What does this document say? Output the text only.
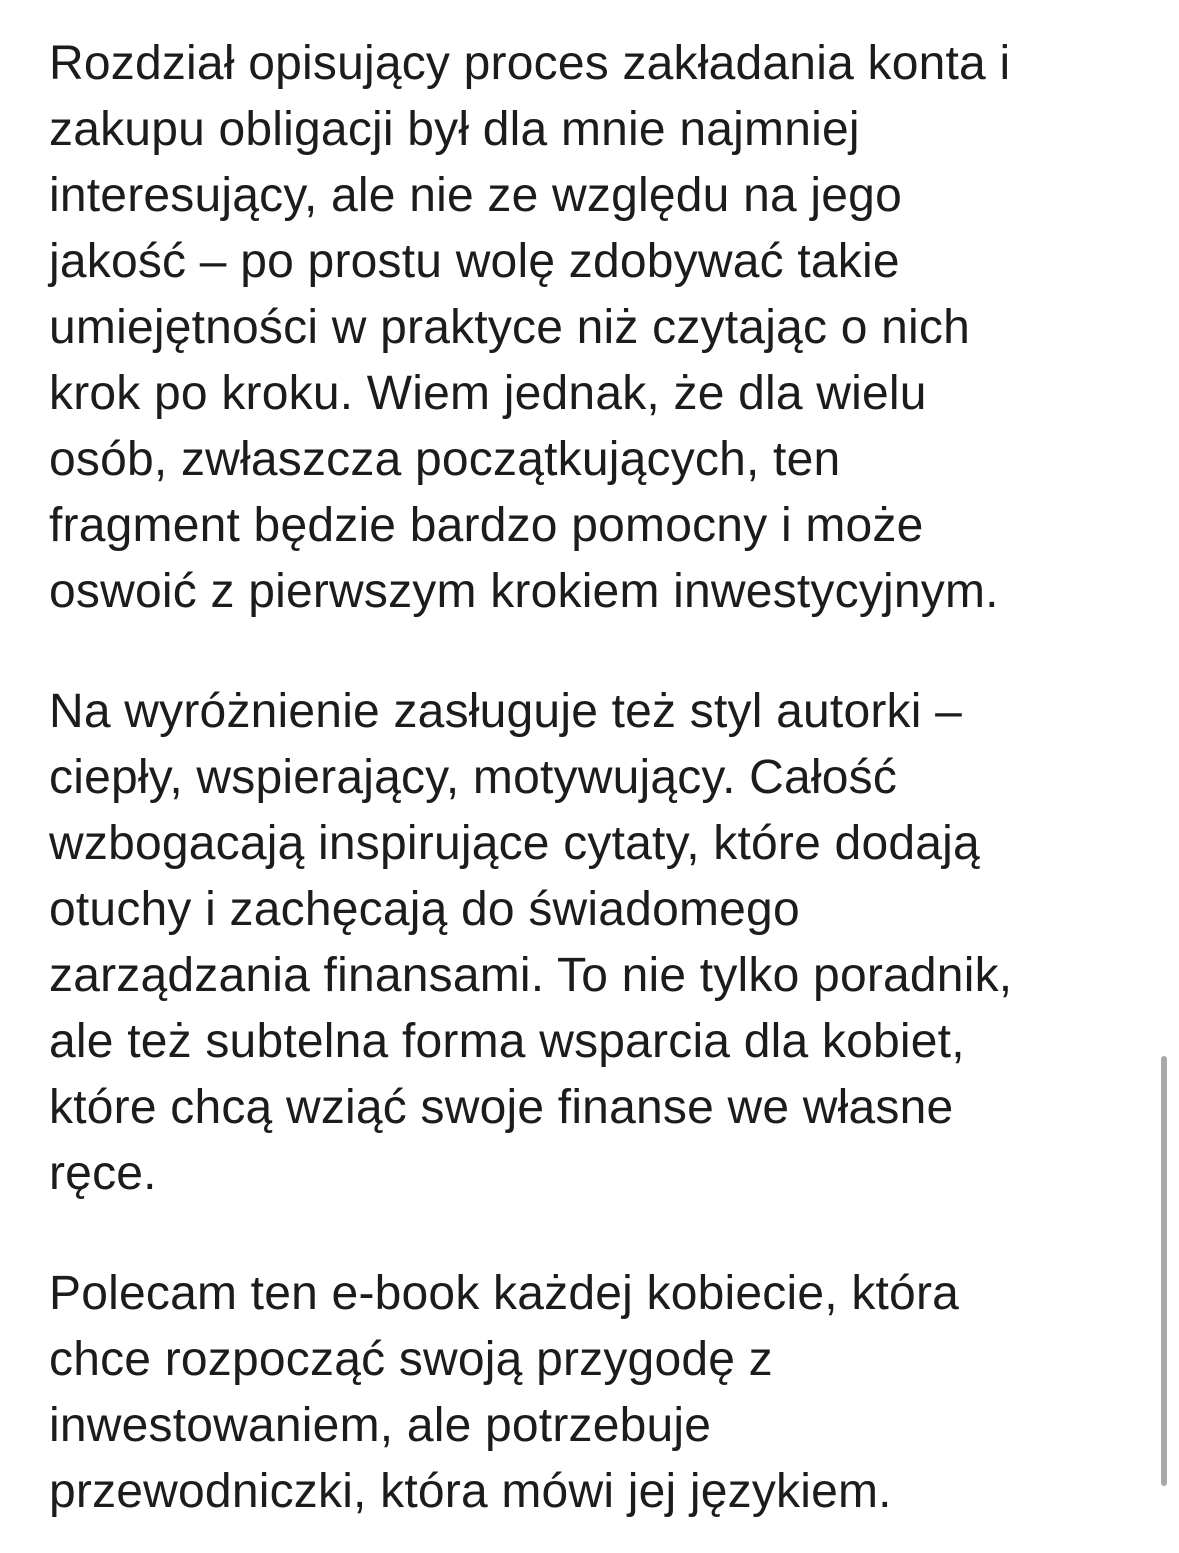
Rozdział opisujący proces zakładania konta i
zakupu obligacji był dla mnie najmniej
interesujący, ale nie ze względu na jego
jakość – po prostu wolę zdobywać takie
umiejętności w praktyce niż czytając o nich
krok po kroku. Wiem jednak, że dla wielu
osób, zwłaszcza początkujących, ten
fragment będzie bardzo pomocny i może
oswoić z pierwszym krokiem inwestycyjnym.

Na wyróżnienie zasługuje też styl autorki –
ciepły, wspierający, motywujący. Całość
wzbogacają inspirujące cytaty, które dodają
otuchy i zachęcają do świadomego
zarządzania finansami. To nie tylko poradnik,
ale też subtelna forma wsparcia dla kobiet,
które chcą wziąć swoje finanse we własne
ręce.

Polecam ten e-book każdej kobiecie, która
chce rozpocząć swoją przygodę z
inwestowaniem, ale potrzebuje
przewodniczki, która mówi jej językiem.
